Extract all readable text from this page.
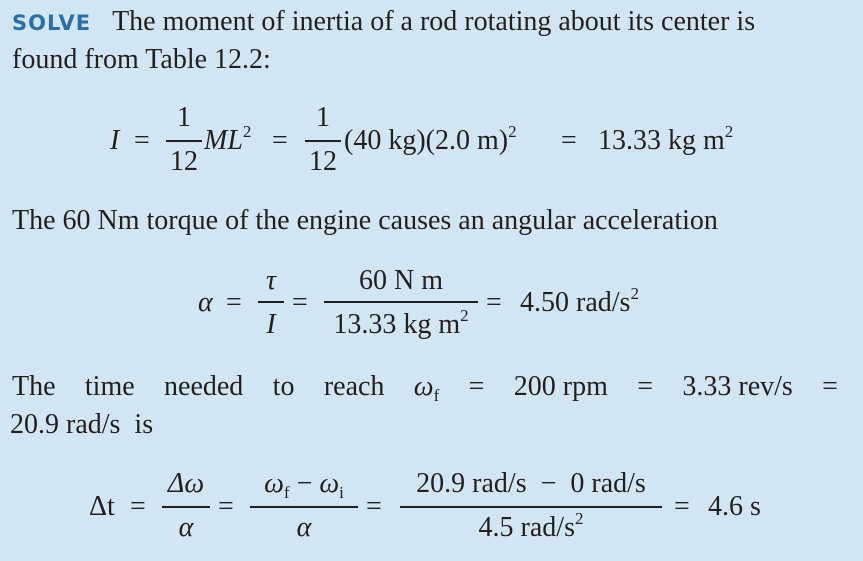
SOLVE The moment of inertia of a rod rotating about its center is
found from Table 12.2:
I =
1
12
$ML^2$ =
1
12
(40 kg)(2.0 m)$^2$ = 13.33 kg $m^2$
The 60 Nm torque of the engine causes an angular acceleration
α =
τ
I
=
60 N m
13.33 kg $m^2 = 4.50$ rad/$s^2$
The time needed to reach $\omega_f = 200$ rpm = 3.33 rev/s =
20.9 rad/s  is
Δt =
Δω
α
=
$\omega_f - \omega_i$
α
=
20.9 rad/s  −  0 rad/s
4.5 rad/$s^2$	= 4.6 s
